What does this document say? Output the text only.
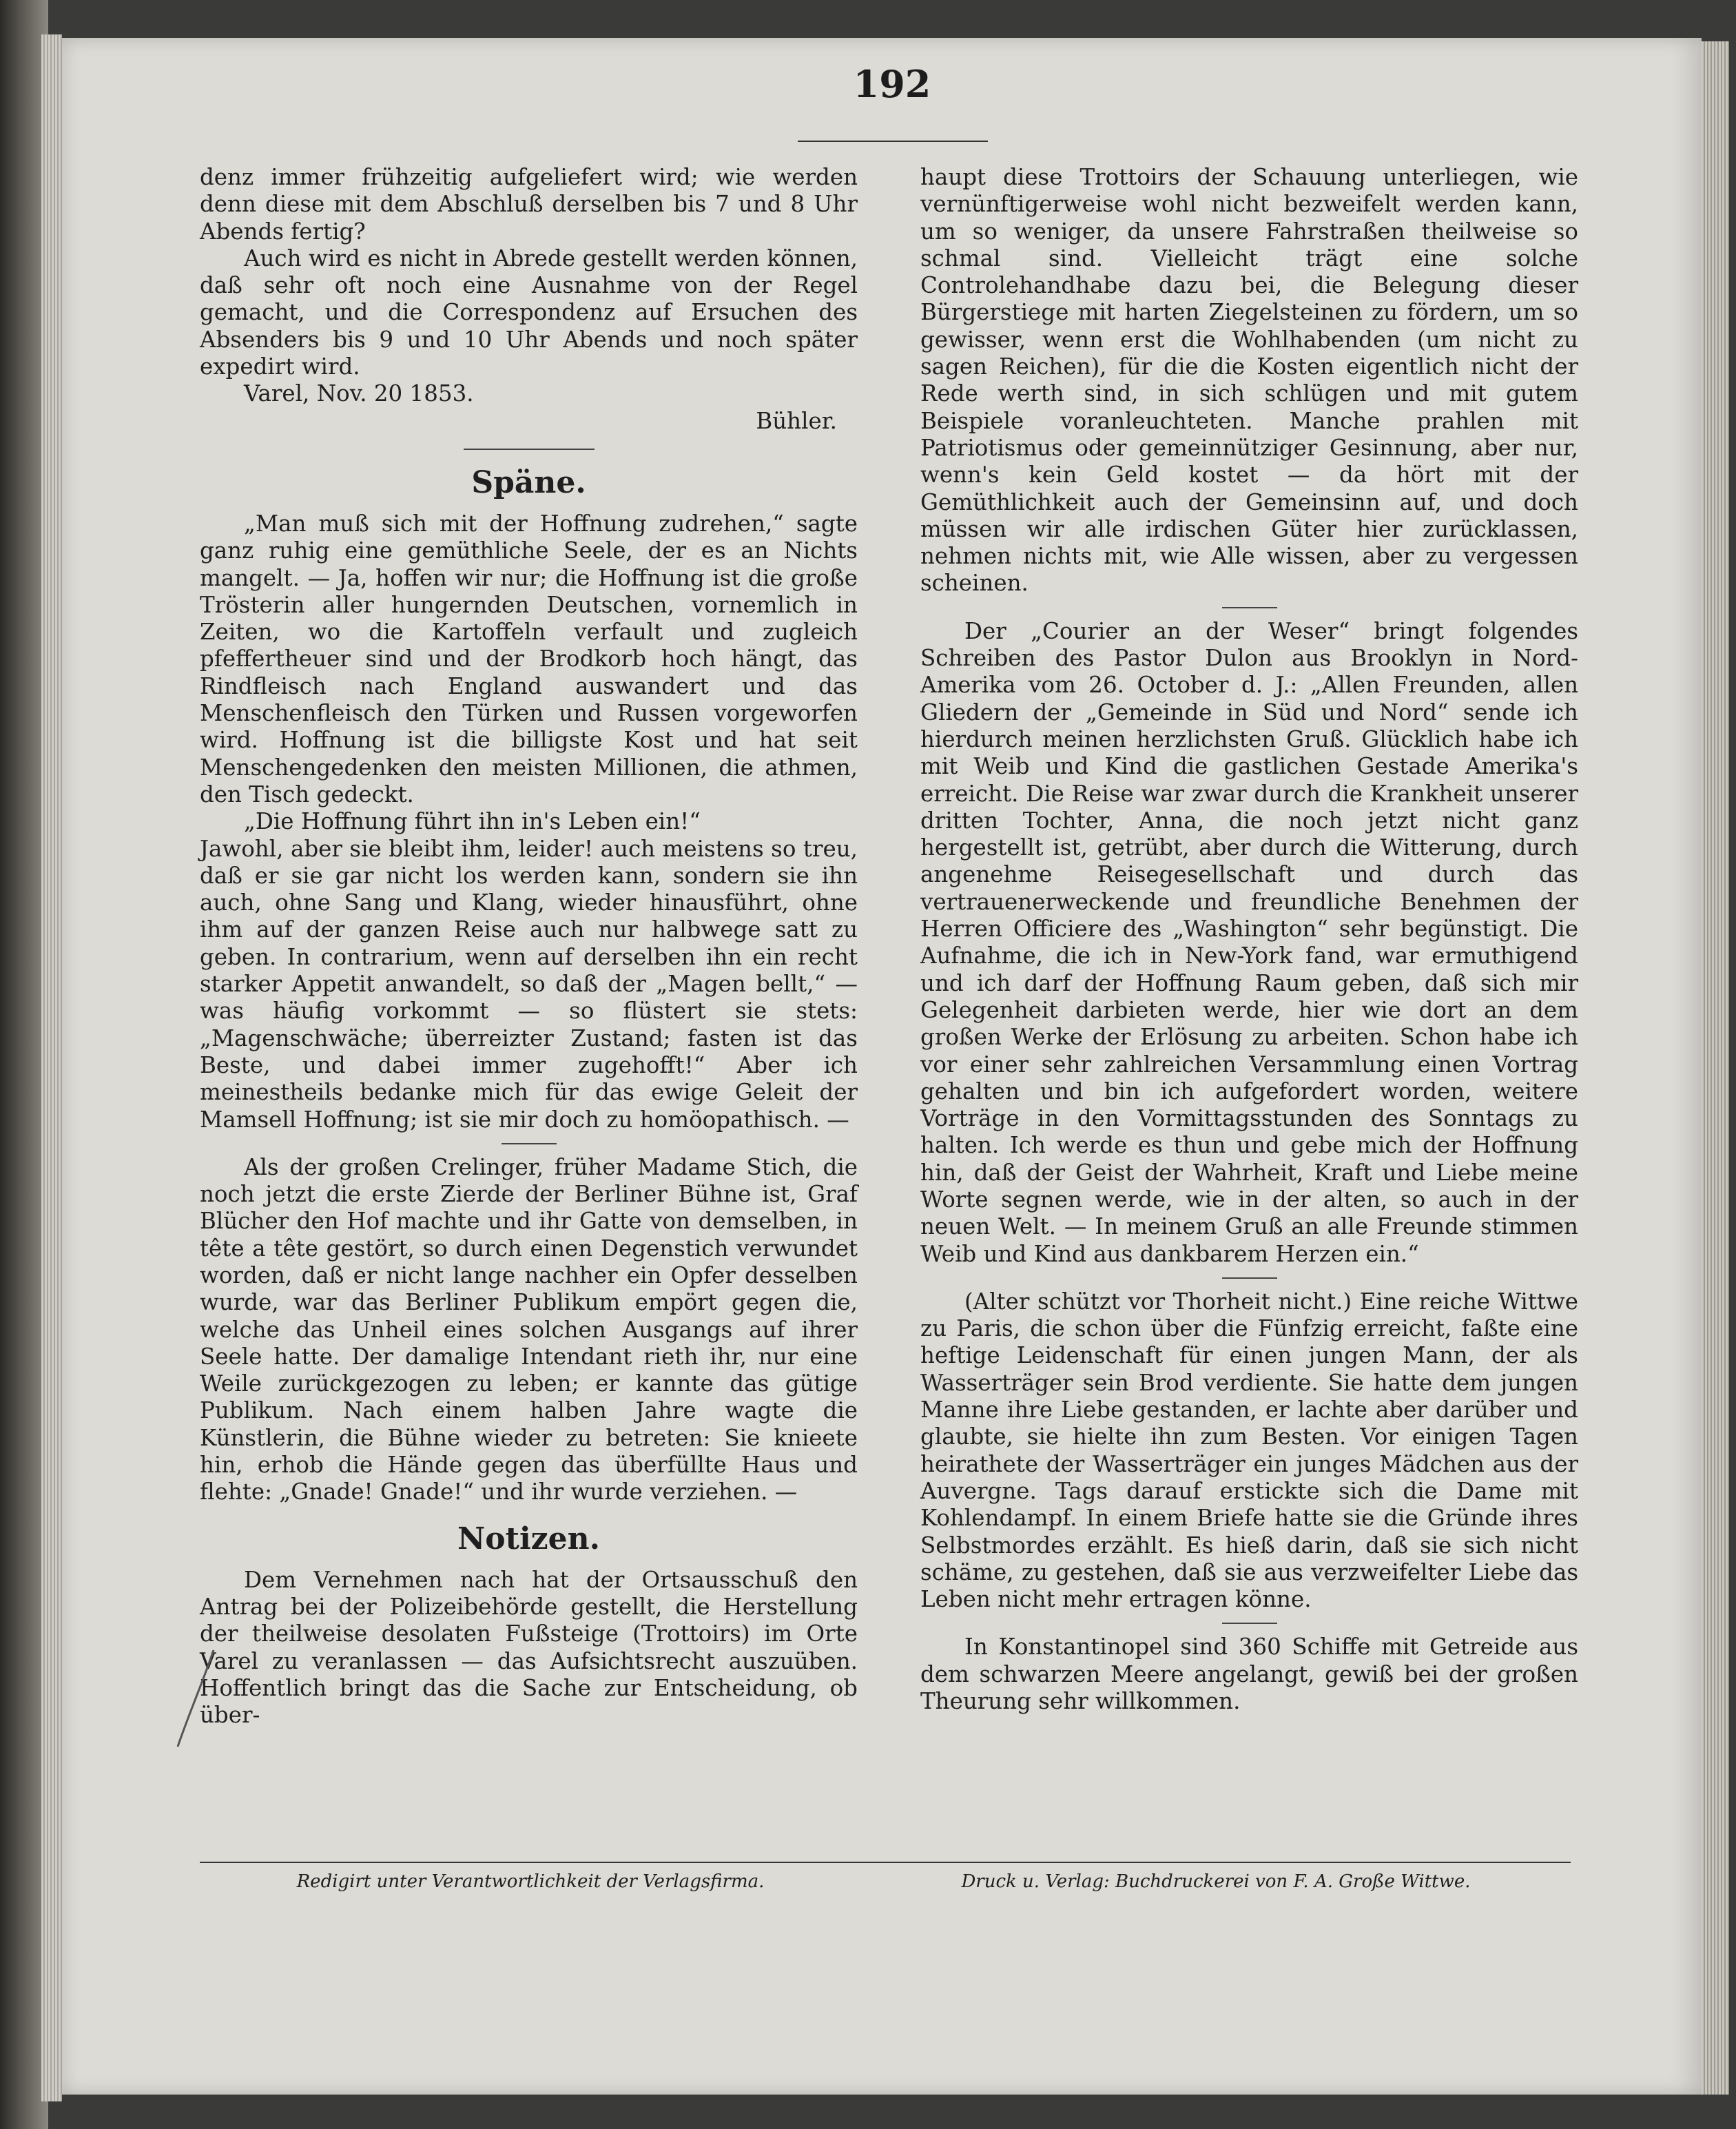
192

denz immer frühzeitig aufgeliefert wird; wie werden denn diese mit dem Abschluß derselben bis 7 und 8 Uhr Abends fertig?

Auch wird es nicht in Abrede gestellt werden können, daß sehr oft noch eine Ausnahme von der Regel gemacht, und die Correspondenz auf Ersuchen des Absenders bis 9 und 10 Uhr Abends und noch später expedirt wird.

Varel, Nov. 20 1853.

Bühler.

Späne.

„Man muß sich mit der Hoffnung zudrehen,“ sagte ganz ruhig eine gemüthliche Seele, der es an Nichts mangelt. — Ja, hoffen wir nur; die Hoffnung ist die große Trösterin aller hungernden Deutschen, vornemlich in Zeiten, wo die Kartoffeln verfault und zugleich pfeffertheuer sind und der Brodkorb hoch hängt, das Rindfleisch nach England auswandert und das Menschenfleisch den Türken und Russen vorgeworfen wird. Hoffnung ist die billigste Kost und hat seit Menschengedenken den meisten Millionen, die athmen, den Tisch gedeckt.

„Die Hoffnung führt ihn in's Leben ein!“

Jawohl, aber sie bleibt ihm, leider! auch meistens so treu, daß er sie gar nicht los werden kann, sondern sie ihn auch, ohne Sang und Klang, wieder hinausführt, ohne ihm auf der ganzen Reise auch nur halbwege satt zu geben. In contrarium, wenn auf derselben ihn ein recht starker Appetit anwandelt, so daß der „Magen bellt,“ — was häufig vorkommt — so flüstert sie stets: „Magenschwäche; überreizter Zustand; fasten ist das Beste, und dabei immer zugehofft!“ Aber ich meinestheils bedanke mich für das ewige Geleit der Mamsell Hoffnung; ist sie mir doch zu homöopathisch. —

Als der großen Crelinger, früher Madame Stich, die noch jetzt die erste Zierde der Berliner Bühne ist, Graf Blücher den Hof machte und ihr Gatte von demselben, in tête a tête gestört, so durch einen Degenstich verwundet worden, daß er nicht lange nachher ein Opfer desselben wurde, war das Berliner Publikum empört gegen die, welche das Unheil eines solchen Ausgangs auf ihrer Seele hatte. Der damalige Intendant rieth ihr, nur eine Weile zurückgezogen zu leben; er kannte das gütige Publikum. Nach einem halben Jahre wagte die Künstlerin, die Bühne wieder zu betreten: Sie knieete hin, erhob die Hände gegen das überfüllte Haus und flehte: „Gnade! Gnade!“ und ihr wurde verziehen. —

Notizen.

Dem Vernehmen nach hat der Ortsausschuß den Antrag bei der Polizeibehörde gestellt, die Herstellung der theilweise desolaten Fußsteige (Trottoirs) im Orte Varel zu veranlassen — das Aufsichtsrecht auszuüben. Hoffentlich bringt das die Sache zur Entscheidung, ob über-

haupt diese Trottoirs der Schauung unterliegen, wie vernünftigerweise wohl nicht bezweifelt werden kann, um so weniger, da unsere Fahrstraßen theilweise so schmal sind. Vielleicht trägt eine solche Controlehandhabe dazu bei, die Belegung dieser Bürgerstiege mit harten Ziegelsteinen zu fördern, um so gewisser, wenn erst die Wohlhabenden (um nicht zu sagen Reichen), für die die Kosten eigentlich nicht der Rede werth sind, in sich schlügen und mit gutem Beispiele voranleuchteten. Manche prahlen mit Patriotismus oder gemeinnütziger Gesinnung, aber nur, wenn's kein Geld kostet — da hört mit der Gemüthlichkeit auch der Gemeinsinn auf, und doch müssen wir alle irdischen Güter hier zurücklassen, nehmen nichts mit, wie Alle wissen, aber zu vergessen scheinen.

Der „Courier an der Weser“ bringt folgendes Schreiben des Pastor Dulon aus Brooklyn in Nord-Amerika vom 26. October d. J.: „Allen Freunden, allen Gliedern der „Gemeinde in Süd und Nord“ sende ich hierdurch meinen herzlichsten Gruß. Glücklich habe ich mit Weib und Kind die gastlichen Gestade Amerika's erreicht. Die Reise war zwar durch die Krankheit unserer dritten Tochter, Anna, die noch jetzt nicht ganz hergestellt ist, getrübt, aber durch die Witterung, durch angenehme Reisegesellschaft und durch das vertrauenerweckende und freundliche Benehmen der Herren Officiere des „Washington“ sehr begünstigt. Die Aufnahme, die ich in New-York fand, war ermuthigend und ich darf der Hoffnung Raum geben, daß sich mir Gelegenheit darbieten werde, hier wie dort an dem großen Werke der Erlösung zu arbeiten. Schon habe ich vor einer sehr zahlreichen Versammlung einen Vortrag gehalten und bin ich aufgefordert worden, weitere Vorträge in den Vormittagsstunden des Sonntags zu halten. Ich werde es thun und gebe mich der Hoffnung hin, daß der Geist der Wahrheit, Kraft und Liebe meine Worte segnen werde, wie in der alten, so auch in der neuen Welt. — In meinem Gruß an alle Freunde stimmen Weib und Kind aus dankbarem Herzen ein.“

(Alter schützt vor Thorheit nicht.) Eine reiche Wittwe zu Paris, die schon über die Fünfzig erreicht, faßte eine heftige Leidenschaft für einen jungen Mann, der als Wasserträger sein Brod verdiente. Sie hatte dem jungen Manne ihre Liebe gestanden, er lachte aber darüber und glaubte, sie hielte ihn zum Besten. Vor einigen Tagen heirathete der Wasserträger ein junges Mädchen aus der Auvergne. Tags darauf erstickte sich die Dame mit Kohlendampf. In einem Briefe hatte sie die Gründe ihres Selbstmordes erzählt. Es hieß darin, daß sie sich nicht schäme, zu gestehen, daß sie aus verzweifelter Liebe das Leben nicht mehr ertragen könne.

In Konstantinopel sind 360 Schiffe mit Getreide aus dem schwarzen Meere angelangt, gewiß bei der großen Theurung sehr willkommen.

Redigirt unter Verantwortlichkeit der Verlagsfirma.	Druck u. Verlag: Buchdruckerei von F. A. Große Wittwe.
